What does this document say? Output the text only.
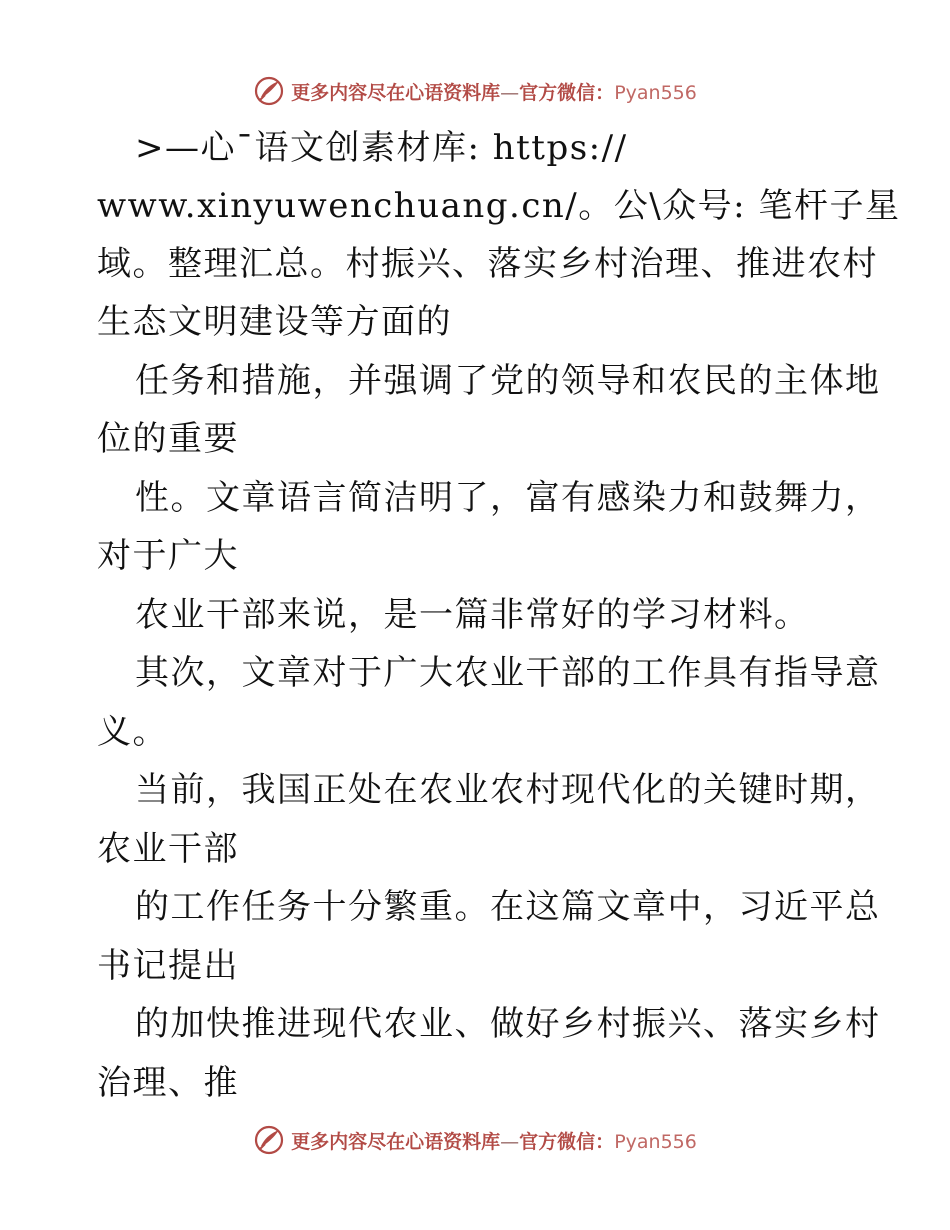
更多内容尽在心语资料库—官方微信：Pyan556
>—心¯语文创素材库: https://
www.xinyuwenchuang.cn/。公\众号: 笔杆子星
域。整理汇总。村振兴、落实乡村治理、推进农村
生态文明建设等方面的
任务和措施，并强调了党的领导和农民的主体地
位的重要
性。文章语言简洁明了，富有感染力和鼓舞力，
对于广大
农业干部来说，是一篇非常好的学习材料。
其次，文章对于广大农业干部的工作具有指导意
义。
当前，我国正处在农业农村现代化的关键时期，
农业干部
的工作任务十分繁重。在这篇文章中，习近平总
书记提出
的加快推进现代农业、做好乡村振兴、落实乡村
治理、推
更多内容尽在心语资料库—官方微信：Pyan556
